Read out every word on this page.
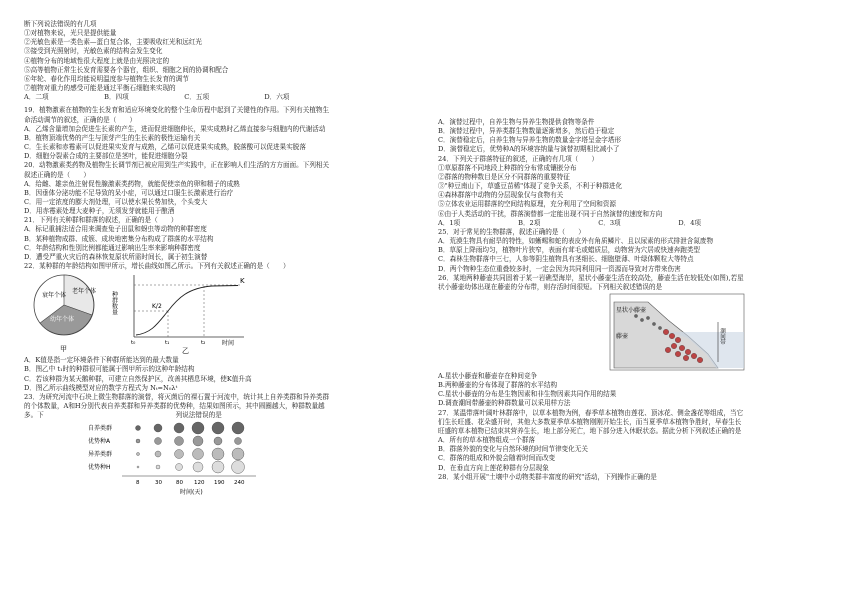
断下列说法错误的有几项
①对植物来说，光只是提供能量
②光敏色素是一类色素—蛋白复合体，主要吸收红光和远红光
③接受到光照射时，光敏色素的结构会发生变化
④植物分布的地域性很大程度上就是由光照决定的
⑤高等植物正常生长发育需要各个器官，组织、细胞之间的协调和配合
⑥年轮、春化作用均能说明温度参与植物生长发育的调节
⑦植物对重力的感受可能是通过平衡石细胞来实现的
A．二项	B．四项	C．五项	D．六项
19．植物激素在植物的生长发育和适应环境变化的整个生命历程中起到了关键性的作用。下列有关植物生
命活动调节的叙述，正确的是（　　）
A．乙烯含量增加会促进生长素的产生，进而促进细胞伸长，果实成熟时乙烯直接参与细胞内的代谢活动
B．植物顶端优势的产生与顶芽产生的生长素的极性运输有关
C．生长素和赤霉素可以促进果实发育与成熟，乙烯可以促进果实成熟，脱落酸可以促进果实脱落
D．细胞分裂素合成的主要部位是茎叶，能促进细胞分裂
20．动物激素类药物及植物生长调节剂已被应用到生产实践中，正在影响人们生活的方方面面。下列相关
叙述正确的是（　　）
A．给雌、雄亲鱼注射促性腺激素类药物，就能促使亲鱼的卵和精子的成熟
B．因垂体分泌功能不足导致的呆小症，可以通过口服生长激素进行治疗
C．用一定浓度的膨大剂处理，可以使水果长势加快，个头变大
D．用赤霉素处理大麦种子，无须发芽就能用于酿酒
21．下列有关种群和群落的叙述，正确的是（　　）
A．标记重捕法适合用来调查兔子田鼠和蚜虫等动物的种群密度
B．某种植物成群、成簇、成块地密集分布构成了群落的水平结构
C．年龄结构和性别比例都能通过影响出生率来影响种群密度
D．遭受严重火灾后的森林恢复原状所需时间长，属于初生演替
22．某种群的年龄结构如图甲所示，增长曲线如图乙所示。下列有关叙述正确的是（　　）
衰年个体
老年个体
幼年个体
甲
K
K/2
种群数量
t₀	t₁	t₂	时间
乙
A．K值是指一定环境条件下种群所能达到的最大数量
B．图乙中 t₁时的种群很可能属于图甲所示的这种年龄结构
C．若该种群为某天鹅种群，可建立自然保护区，改善其栖息环境，使K值升高
D．图乙所示曲线模型对应的数学方程式为 Nₜ=N₀λᵗ
23．为研究河流中石块上微生物群落的演替，将灭菌后的裸石置于河流中，统计其上自养类群和异养类群
的个体数量，A和H分别代表自养类群和异养类群的优势种，结果如图所示，其中圆圈越大，种群数量越
多。下　　　　　　　　　　　　　　　　　　　　列说法错误的是
自养类群
优势种A
异养类群
优势种H
8	30	80 120 190 240
时间(天)
A．演替过程中，自养生物与异养生物提供食物等条件
B．演替过程中，异养类群生物数量逐渐增多，然后趋于稳定
C．演替稳定后，自养生物与异养生物的数量金字塔呈金字塔形
D．演替稳定后，优势种A的环境容纳量与演替初期相比减小了
24．下列关于群落特征的叙述，正确的有几项（　　）
①草原群落不同地段上种群的分布常成镶嵌分布
②群落的物种数目是区分不同群落的重要特征
③"种豆南山下，草盛豆苗稀"体现了竞争关系，不利于种群进化
④森林群落中动物的分层现象仅与食物有关
⑤立体农业运用群落的空间结构原理，充分利用了空间和资源
⑥由于人类活动的干扰，群落演替都一定能出现不同于自然演替的速度和方向
A．1项	B．2项	C．3项	D．4项
25．对于常见的生物群落，叙述正确的是（　　）
A．荒漠生物具有耐旱的特性，如蜥蜴和蛇的表皮外有角质鳞片、且以尿素的形式排泄含氮废物
B．草原上降雨均匀，植物叶片狭窄，表面有茸毛或蜡质层，动物营为穴居或快速奔跑类型
C．森林生物群落中三七，人参等阴生植物具有茎细长、细胞壁薄、叶绿体颗粒大等特点
D．两个物种生态位重叠较多时，一定会因为共同利用同一资源而导致对方带来伤害
26．某地两种藤壶共同固着于某一岩礁型海岸，星状小藤壶生活在较高处，藤壶生活在较低处(如图),若星
状小藤壶幼体出现在藤壶的分布带，则存活时间很短。下列相关叙述错误的是
星状小藤壶
藤壶	潮间带
A.星状小藤壶和藤壶存在种间竞争
B.两种藤壶的分布体现了群落的水平结构
C.星状小藤壶的分布是生物因素和非生物因素共同作用的结果
D.调查潮间带藤壶的种群数量可以采用样方法
27．某温带落叶阔叶林群落中，以草本植物为例，春季草本植物由莲花、顶冰花、侧金盏花等组成，当它
们生长旺盛、花朵盛开时，其他大多数夏季草本植物刚刚开始生长，而当夏季草本植物争胜时，早春生长
旺盛的草本植物已结束其营养生长，地上部分死亡，地下部分进入休眠状态。据此分析下列叙述正确的是
A．所有的草本植物组成一个群落
B．群落外貌的变化与自然环境的时间节律变化无关
C．群落的组成和外貌会随着时间而改变
D．在垂直方向上莲花种群有分层现象
28．某小组开展"土壤中小动物类群丰富度的研究"活动，下列操作正确的是
